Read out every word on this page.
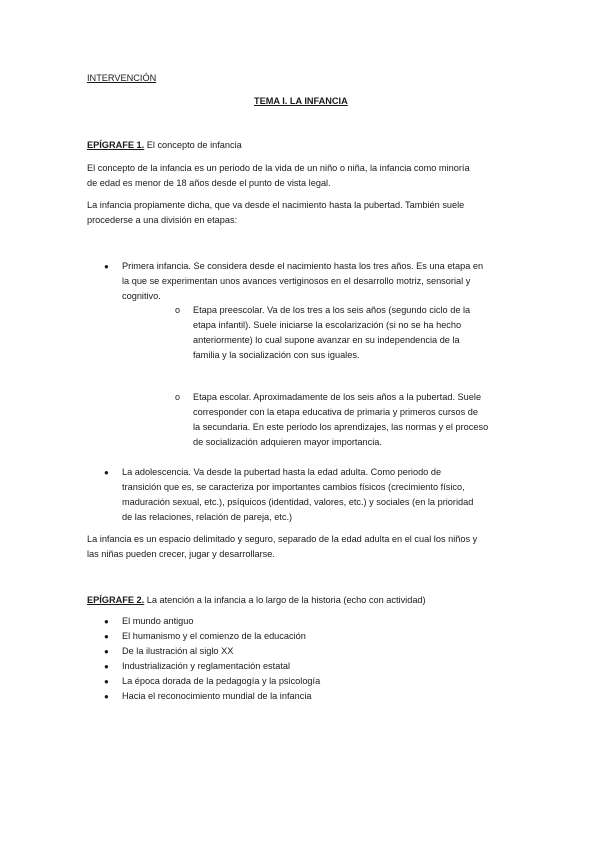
INTERVENCIÓN
TEMA I. LA INFANCIA
EPÍGRAFE 1. El concepto de infancia
El concepto de la infancia es un periodo de la vida de un niño o niña, la infancia como minoría
de edad es menor de 18 años desde el punto de vista legal.
La infancia propiamente dicha, que va desde el nacimiento hasta la pubertad. También suele
procederse a una división en etapas:
● Primera infancia. Se considera desde el nacimiento hasta los tres años. Es una etapa en
la que se experimentan unos avances vertiginosos en el desarrollo motriz, sensorial y
cognitivo.
o Etapa preescolar. Va de los tres a los seis años (segundo ciclo de la
etapa infantil). Suele iniciarse la escolarización (si no se ha hecho
anteriormente) lo cual supone avanzar en su independencia de la
familia y la socialización con sus iguales.
o Etapa escolar. Aproximadamente de los seis años a la pubertad. Suele
corresponder con la etapa educativa de primaria y primeros cursos de
la secundaria. En este periodo los aprendizajes, las normas y el proceso
de socialización adquieren mayor importancia.
● La adolescencia. Va desde la pubertad hasta la edad adulta. Como periodo de
transición que es, se caracteriza por importantes cambios físicos (crecimiento físico,
maduración sexual, etc.), psíquicos (identidad, valores, etc.) y sociales (en la prioridad
de las relaciones, relación de pareja, etc.)
La infancia es un espacio delimitado y seguro, separado de la edad adulta en el cual los niños y
las niñas pueden crecer, jugar y desarrollarse.
EPÍGRAFE 2. La atención a la infancia a lo largo de la historia (echo con actividad)
● El mundo antiguo
● El humanismo y el comienzo de la educación
● De la ilustración al siglo XX
● Industrialización y reglamentación estatal
● La época dorada de la pedagogía y la psicología
● Hacia el reconocimiento mundial de la infancia
